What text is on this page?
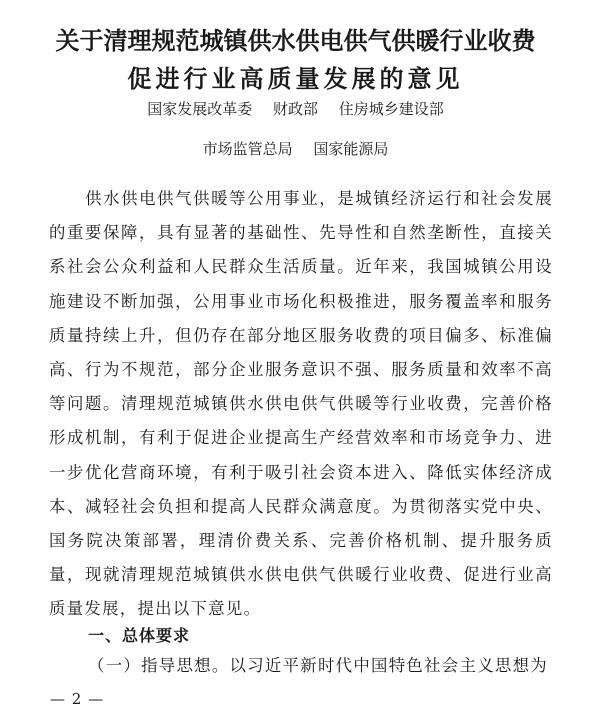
关于清理规范城镇供水供电供气供暖行业收费
促进行业高质量发展的意见
国家发展改革委 财政部 住房城乡建设部
市场监管总局 国家能源局

供水供电供气供暖等公用事业，是城镇经济运行和社会发展的重要保障，具有显著的基础性、先导性和自然垄断性，直接关系社会公众利益和人民群众生活质量。近年来，我国城镇公用设施建设不断加强，公用事业市场化积极推进，服务覆盖率和服务质量持续上升，但仍存在部分地区服务收费的项目偏多、标准偏高、行为不规范，部分企业服务意识不强、服务质量和效率不高等问题。清理规范城镇供水供电供气供暖等行业收费，完善价格形成机制，有利于促进企业提高生产经营效率和市场竞争力、进一步优化营商环境，有利于吸引社会资本进入、降低实体经济成本、减轻社会负担和提高人民群众满意度。为贯彻落实党中央、国务院决策部署，理清价费关系、完善价格机制、提升服务质量，现就清理规范城镇供水供电供气供暖行业收费、促进行业高质量发展，提出以下意见。

一、总体要求
（一）指导思想。以习近平新时代中国特色社会主义思想为
— 2 —
